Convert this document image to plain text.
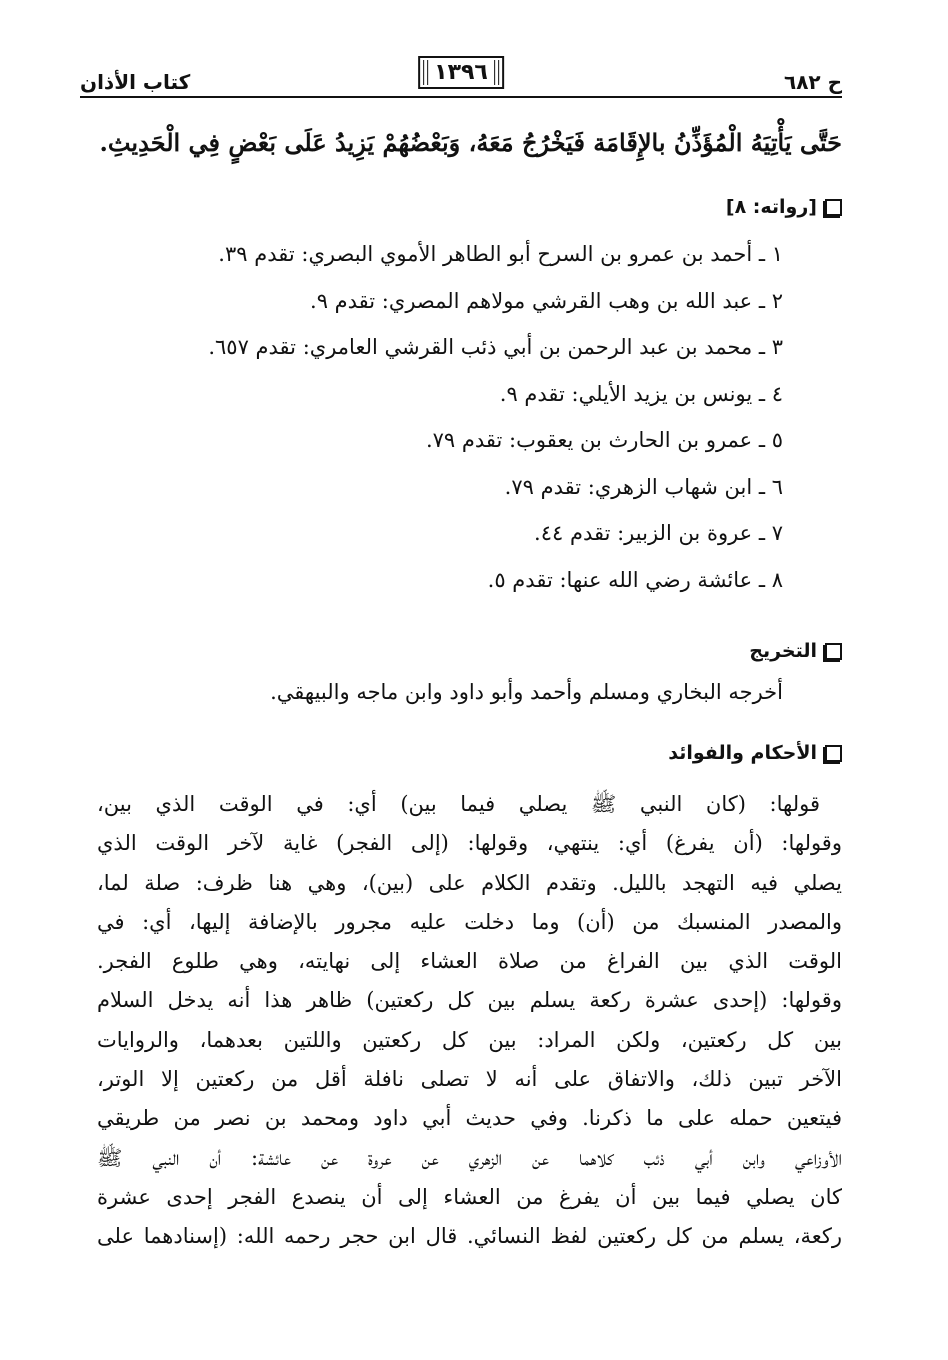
ح ٦٨٢
١٣٩٦
كتاب الأذان
حَتَّى يَأْتِيَهُ الْمُؤَذِّنُ بالإِقَامَة فَيَخْرُجُ مَعَهُ، وَبَعْضُهُمْ يَزِيدُ عَلَى بَعْضٍ فِي الْحَدِيثِ.
[رواته: ٨]
١ ـ أحمد بن عمرو بن السرح أبو الطاهر الأموي البصري: تقدم ٣٩.
٢ ـ عبد الله بن وهب القرشي مولاهم المصري: تقدم ٩.
٣ ـ محمد بن عبد الرحمن بن أبي ذئب القرشي العامري: تقدم ٦٥٧.
٤ ـ يونس بن يزيد الأيلي: تقدم ٩.
٥ ـ عمرو بن الحارث بن يعقوب: تقدم ٧٩.
٦ ـ ابن شهاب الزهري: تقدم ٧٩.
٧ ـ عروة بن الزبير: تقدم ٤٤.
٨ ـ عائشة رضي الله عنها: تقدم ٥.
التخريج
أخرجه البخاري ومسلم وأحمد وأبو داود وابن ماجه والبيهقي.
الأحكام والفوائد
قولها: (كان النبي ﷺ يصلي فيما بين) أي: في الوقت الذي بين،
وقولها: (أن يفرغ) أي: ينتهي، وقولها: (إلى الفجر) غاية لآخر الوقت الذي
يصلي فيه التهجد بالليل. وتقدم الكلام على (بين)، وهي هنا ظرف: صلة لما،
والمصدر المنسبك من (أن) وما دخلت عليه مجرور بالإضافة إليها، أي: في
الوقت الذي بين الفراغ من صلاة العشاء إلى نهايته، وهي طلوع الفجر.
وقولها: (إحدى عشرة ركعة يسلم بين كل ركعتين) ظاهر هذا أنه يدخل السلام
بين كل ركعتين، ولكن المراد: بين كل ركعتين واللتين بعدهما، والروايات
الآخر تبين ذلك، والاتفاق على أنه لا تصلى نافلة أقل من ركعتين إلا الوتر،
فيتعين حمله على ما ذكرنا. وفي حديث أبي داود ومحمد بن نصر من طريقي
الأوزاعي وابن أبي ذئب كلاهما عن الزهري عن عروة عن عائشة: أن النبي ﷺ
كان يصلي فيما بين أن يفرغ من العشاء إلى أن ينصدع الفجر إحدى عشرة
ركعة، يسلم من كل ركعتين لفظ النسائي. قال ابن حجر رحمه الله: (إسنادهما على
